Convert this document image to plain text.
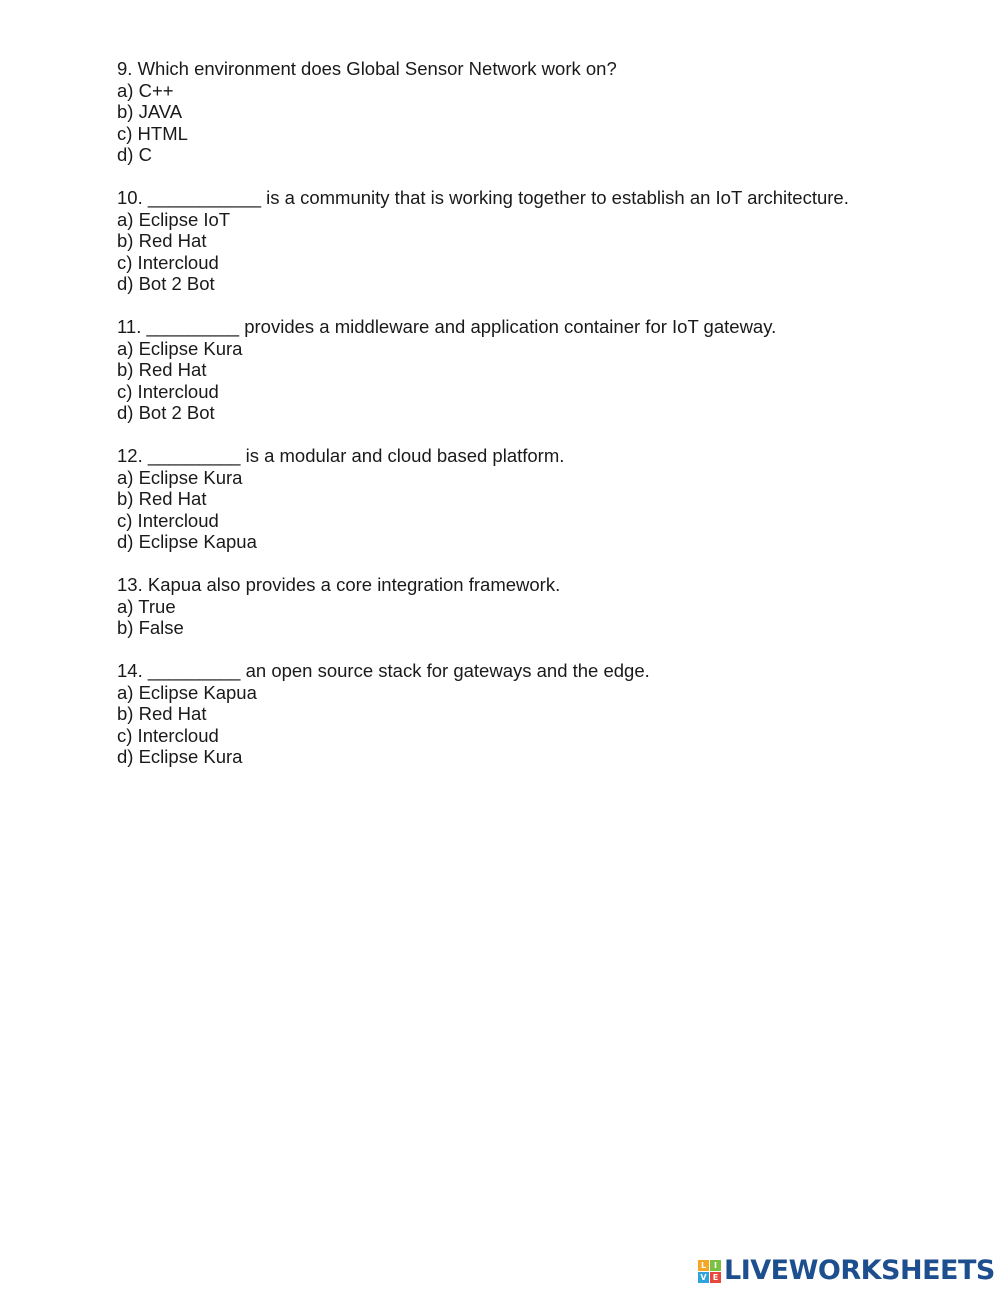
9. Which environment does Global Sensor Network work on?
a) C++
b) JAVA
c) HTML
d) C
10. ___________ is a community that is working together to establish an IoT architecture.
a) Eclipse IoT
b) Red Hat
c) Intercloud
d) Bot 2 Bot
11. _________ provides a middleware and application container for IoT gateway.
a) Eclipse Kura
b) Red Hat
c) Intercloud
d) Bot 2 Bot
12. _________ is a modular and cloud based platform.
a) Eclipse Kura
b) Red Hat
c) Intercloud
d) Eclipse Kapua
13. Kapua also provides a core integration framework.
a) True
b) False
14. _________ an open source stack for gateways and the edge.
a) Eclipse Kapua
b) Red Hat
c) Intercloud
d) Eclipse Kura
L I
V E LIVEWORKSHEETS
